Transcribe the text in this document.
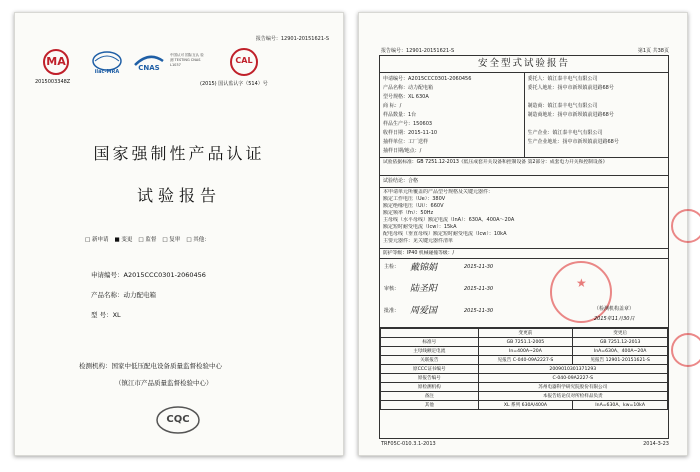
报告编号：12901-20151621-S
MA
2015003348Z
ilac-MRA	CNAS
中国认可 国际互认 检测 TESTING CNAS L1037	CAL
(2015) 国认监认字（514）号
国家强制性产品认证
试验报告
□ 新申请 ■ 变更 □ 监督 □ 复审 □ 其他：
申请编号：A2015CCC0301-2060456
产品名称：动力配电箱
型 号：XL
检测机构：国家中低压配电设备质量监督检验中心
（镇江市产品质量监督检验中心）
CQC
报告编号：12901-20151621-S	第1页 共38页
安全型式试验报告
申请编号：A2015CCC0301-2060456
产品名称：动力配电箱
型号规格：XL 630A
商 标：/
样品数量：1台
样品生产号：150603
收样日期：2015-11-10
抽样单位：工厂送样
抽样日期/地点：/
委托人：镇江泰丰电气有限公司
委托人地址：扬中市新坝镇前进路68号
制造商：镇江泰丰电气有限公司
制造商地址：扬中市新坝镇前进路68号
生产企业：镇江泰丰电气有限公司
生产企业地址：扬中市新坝镇前进路68号
试验依据标准：GB 7251.12-2013《低压成套开关设备和控制设备 第2部分：成套电力开关和控制设备》
试验结论：合格
本申请单元所覆盖的产品型号规格及关键元器件：
额定工作电压（Ue）：380V
额定绝缘电压（Ui）：660V
额定频率（fn）：50Hz
主母线（水平母线）额定电流（InA）：630A、400A～20A
额定短时耐受电流（Icw）：15kA
配电母线（垂直母线）额定短时耐受电流（Icw）：10kA
主要元器件：见关键元器件清单
防护等级：IP40 机械碰撞等级：/
主检： 戴锦娟	2015-11-30
审核： 陆圣阳	2015-11-30
批准： 周爱国	2015-11-30
★
（检测机构盖章）
2015年11月30日
	变更前	变更后
标准号	GB 7251.1-2005	GB 7251.12-2013
主母线额定电流	In=400A~20A	InA=630A、400A~20A
关联报告	见报告 C-040-09A2227-S	见报告 12901-20151621-S
原CCC证书编号	2009010301371293	
原报告编号	C-040-09A2227-S	
原检测机构	苏州电器科学研究院股份有限公司	
备注	本报告结论仅对所检样品负责	
其他	XL 系列 630A/400A	InA=630A、kw=10kA
TRF05C-010.3.1-2013	2014-3-23
